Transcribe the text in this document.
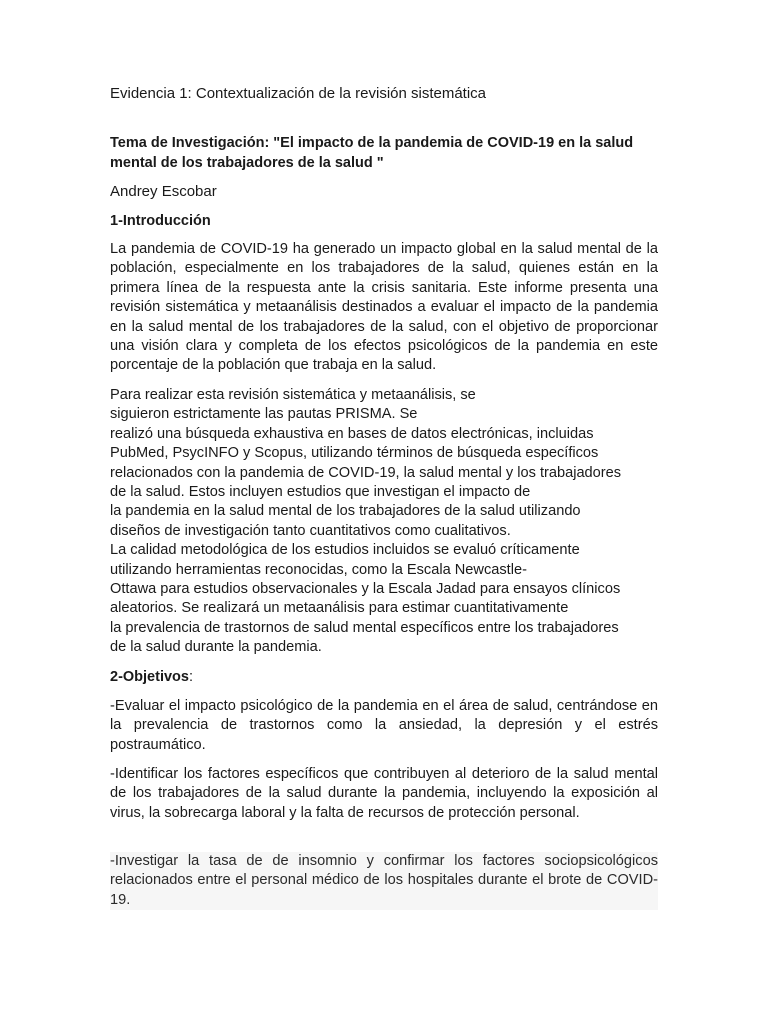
Evidencia 1: Contextualización de la revisión sistemática
Tema de Investigación: "El impacto de la pandemia de COVID-19 en la salud mental de los trabajadores de la salud "
Andrey Escobar
1-Introducción

La pandemia de COVID-19 ha generado un impacto global en la salud mental de la población, especialmente en los trabajadores de la salud, quienes están en la primera línea de la respuesta ante la crisis sanitaria. Este informe presenta una revisión sistemática y metaanálisis destinados a evaluar el impacto de la pandemia en la salud mental de los trabajadores de la salud, con el objetivo de proporcionar una visión clara y completa de los efectos psicológicos de la pandemia en este porcentaje de la población que trabaja en la salud.

Para realizar esta revisión sistemática y metaanálisis, se
siguieron estrictamente las pautas PRISMA. Se
realizó una búsqueda exhaustiva en bases de datos electrónicas, incluidas
PubMed, PsycINFO y Scopus, utilizando términos de búsqueda específicos
relacionados con la pandemia de COVID-19, la salud mental y los trabajadores
de la salud. Estos incluyen estudios que investigan el impacto de
la pandemia en la salud mental de los trabajadores de la salud utilizando
diseños de investigación tanto cuantitativos como cualitativos.
La calidad metodológica de los estudios incluidos se evaluó críticamente
utilizando herramientas reconocidas, como la Escala Newcastle-
Ottawa para estudios observacionales y la Escala Jadad para ensayos clínicos
aleatorios. Se realizará un metaanálisis para estimar cuantitativamente
la prevalencia de trastornos de salud mental específicos entre los trabajadores
de la salud durante la pandemia.
2-Objetivos:

-Evaluar el impacto psicológico de la pandemia en el área de salud, centrándose en la prevalencia de trastornos como la ansiedad, la depresión y el estrés postraumático.

-Identificar los factores específicos que contribuyen al deterioro de la salud mental de los trabajadores de la salud durante la pandemia, incluyendo la exposición al virus, la sobrecarga laboral y la falta de recursos de protección personal.

-Investigar la tasa de de insomnio y confirmar los factores sociopsicológicos relacionados entre el personal médico de los hospitales durante el brote de COVID-19.
